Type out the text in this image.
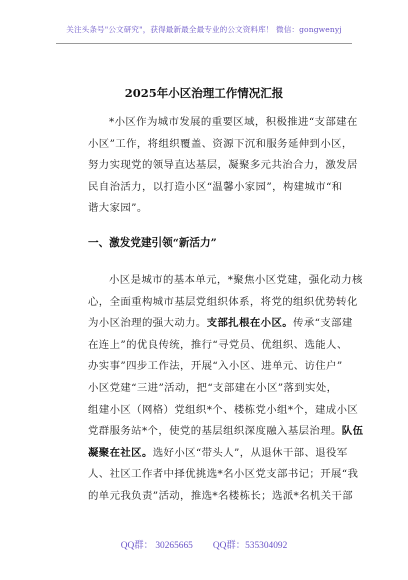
关注头条号"公文研究"，获得最新最全最专业的公文资料库！ 微信：gongwenyj
2025年小区治理工作情况汇报
*小区作为城市发展的重要区域，积极推进“支部建在
小区”工作，将组织覆盖、资源下沉和服务延伸到小区，
努力实现党的领导直达基层，凝聚多元共治合力，激发居
民自治活力，以打造小区“温馨小家园”，构建城市“和
谐大家园”。
一、激发党建引领“新活力”
小区是城市的基本单元，*聚焦小区党建，强化动力核
心，全面重构城市基层党组织体系，将党的组织优势转化
为小区治理的强大动力。支部扎根在小区。传承“支部建
在连上”的优良传统，推行“寻党员、优组织、选能人、
办实事”四步工作法，开展“入小区、进单元、访住户”
小区党建“三进”活动，把“支部建在小区”落到实处，
组建小区（网格）党组织*个、楼栋党小组*个，建成小区
党群服务站*个，使党的基层组织深度融入基层治理。队伍
凝聚在社区。选好小区“带头人”，从退休干部、退役军
人、社区工作者中择优挑选*名小区党支部书记；开展“我
的单元我负责”活动，推选*名楼栋长；选派*名机关干部
QQ群： 30265665 QQ群：535304092
